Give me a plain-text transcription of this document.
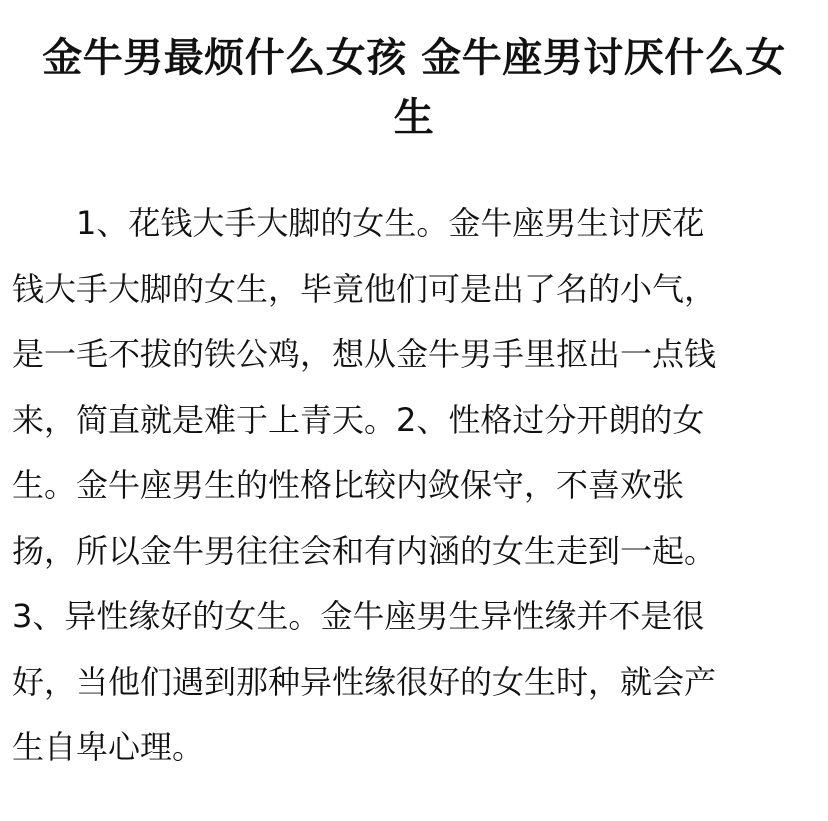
金牛男最烦什么女孩 金牛座男讨厌什么女
生
1、花钱大手大脚的女生。金牛座男生讨厌花
钱大手大脚的女生，毕竟他们可是出了名的小气，
是一毛不拔的铁公鸡，想从金牛男手里抠出一点钱
来，简直就是难于上青天。2、性格过分开朗的女
生。金牛座男生的性格比较内敛保守，不喜欢张
扬，所以金牛男往往会和有内涵的女生走到一起。
3、异性缘好的女生。金牛座男生异性缘并不是很
好，当他们遇到那种异性缘很好的女生时，就会产
生自卑心理。
